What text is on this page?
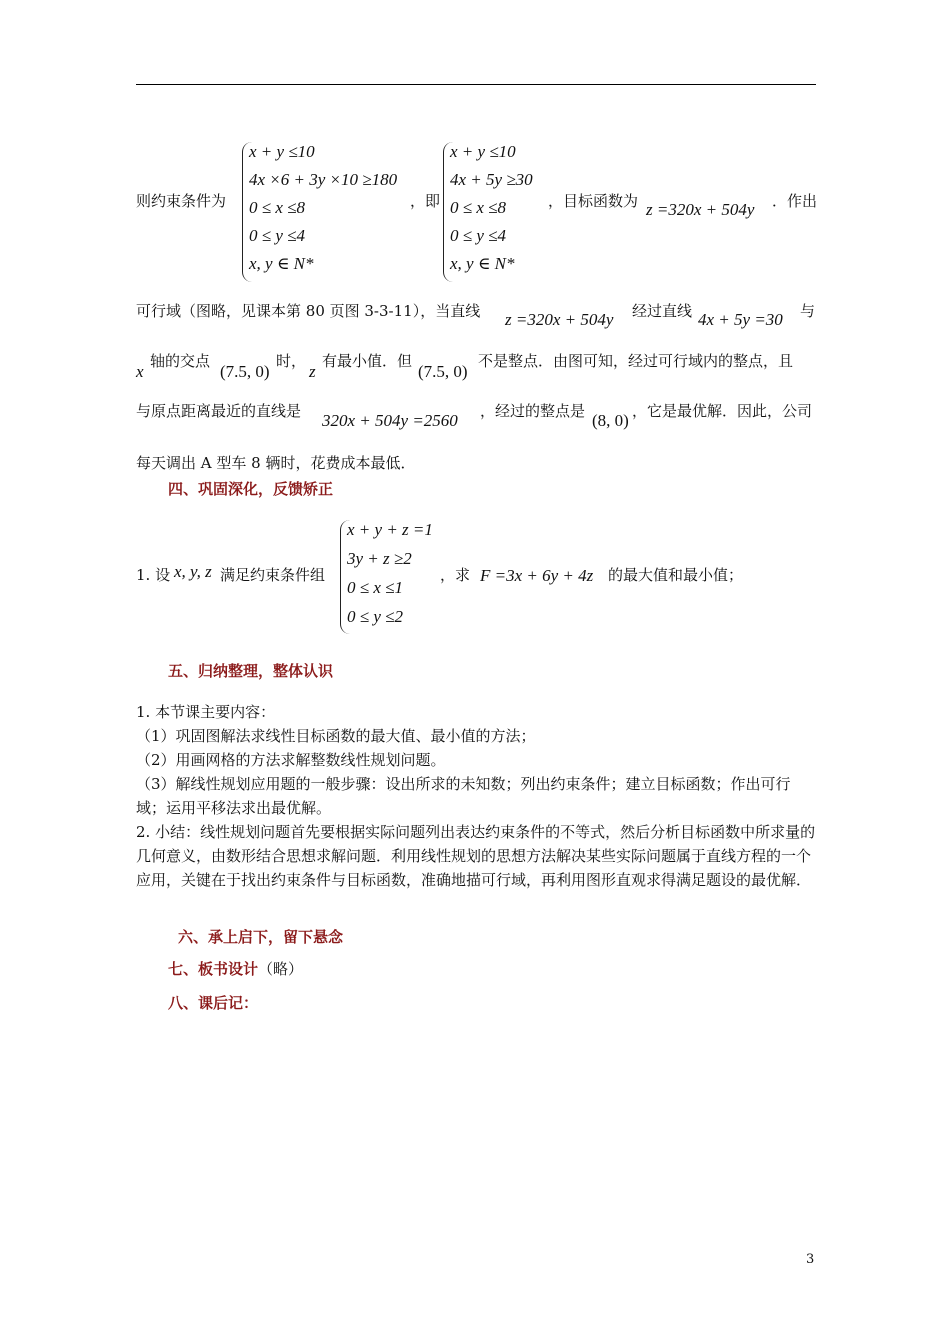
则约束条件为
x + y ≤10
4x ×6 + 3y ×10 ≥180
0 ≤ x ≤8
0 ≤ y ≤4
x, y ∈ N*
，即
x + y ≤10
4x + 5y ≥30
0 ≤ x ≤8
0 ≤ y ≤4
x, y ∈ N*
，目标函数为 z =320x + 504y ．作出
可行域（图略，见课本第 80 页图 3-3-11），当直线 z =320x + 504y 经过直线 4x + 5y =30 与
x
轴的交点
(7.5, 0)
时，
z
有最小值．但
(7.5, 0)
不是整点．由图可知，经过可行域内的整点，且
与原点距离最近的直线是 320x + 504y =2560 ，经过的整点是 (8, 0) ，它是最优解．因此，公司
每天调出 A 型车 8 辆时，花费成本最低．
四、巩固深化，反馈矫正
1. 设 x, y, z 满足约束条件组
x + y + z =1
3y + z ≥2
0 ≤ x ≤1
0 ≤ y ≤2
，求 F =3x + 6y + 4z 的最大值和最小值；
五、归纳整理，整体认识
1. 本节课主要内容：
（1）巩固图解法求线性目标函数的最大值、最小值的方法；
（2）用画网格的方法求解整数线性规划问题。
（3）解线性规划应用题的一般步骤：设出所求的未知数；列出约束条件；建立目标函数；作出可行域；运用平移法求出最优解。
2. 小结：线性规划问题首先要根据实际问题列出表达约束条件的不等式，然后分析目标函数中所求量的几何意义，由数形结合思想求解问题．利用线性规划的思想方法解决某些实际问题属于直线方程的一个应用，关键在于找出约束条件与目标函数，准确地描可行域，再利用图形直观求得满足题设的最优解．
六、承上启下，留下悬念
七、板书设计（略）
八、课后记：
3
